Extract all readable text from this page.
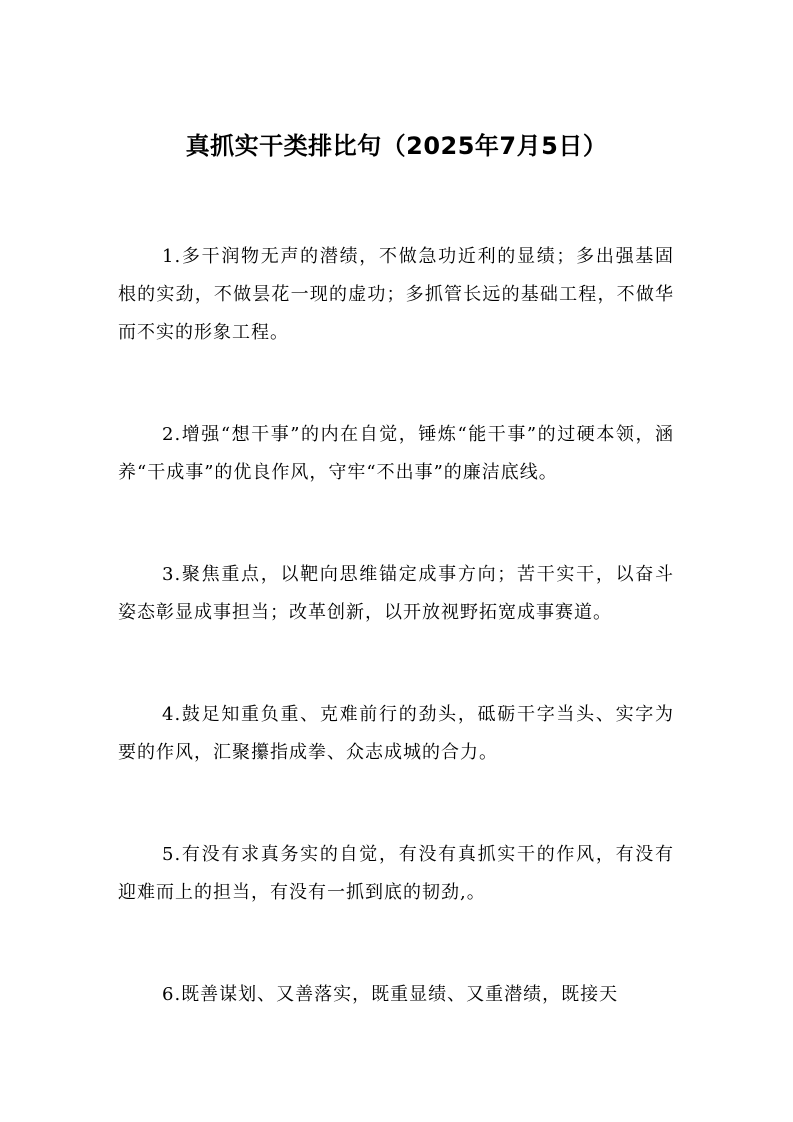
真抓实干类排比句（2025年7月5日）

1.多干润物无声的潜绩，不做急功近利的显绩；多出强基固根的实劲，不做昙花一现的虚功；多抓管长远的基础工程，不做华而不实的形象工程。

2.增强“想干事”的内在自觉，锤炼“能干事”的过硬本领，涵养“干成事”的优良作风，守牢“不出事”的廉洁底线。

3.聚焦重点，以靶向思维锚定成事方向；苦干实干，以奋斗姿态彰显成事担当；改革创新，以开放视野拓宽成事赛道。

4.鼓足知重负重、克难前行的劲头，砥砺干字当头、实字为要的作风，汇聚攥指成拳、众志成城的合力。

5.有没有求真务实的自觉，有没有真抓实干的作风，有没有迎难而上的担当，有没有一抓到底的韧劲,。

6.既善谋划、又善落实，既重显绩、又重潜绩，既接天
